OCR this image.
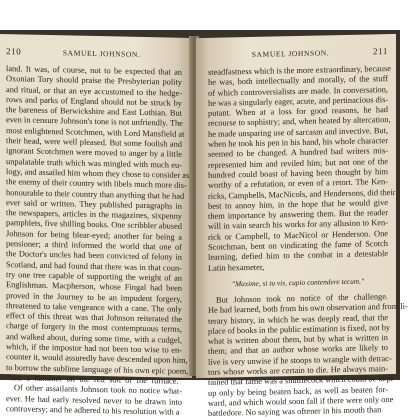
210	SAMUEL JOHNSON.
land. It was, of course, not to be expected that an
Oxonian Tory should praise the Presbyterian polity
and ritual, or that an eye accustomed to the hedge-
rows and parks of England should not be struck by
the bareness of Berwickshire and East Lothian. But
even in censure Johnson's tone is not unfriendly. The
most enlightened Scotchmen, with Lord Mansfield at
their head, were well pleased. But some foolish and
ignorant Scotchmen were moved to anger by a little
unpalatable truth which was mingled with much eu-
logy, and assailed him whom they chose to consider as
the enemy of their country with libels much more dis-
honourable to their country than anything that he had
ever said or written. They published paragraphs in
the newspapers, articles in the magazines, sixpenny
pamphlets, five shilling books. One scribbler abused
Johnson for being blear-eyed; another for being a
pensioner; a third informed the world that one of
the Doctor's uncles had been convicted of felony in
Scotland, and had found that there was in that coun-
try one tree capable of supporting the weight of an
Englishman. Macpherson, whose Fingal had been
proved in the Journey to be an impudent forgery,
threatened to take vengeance with a cane. The only
effect of this threat was that Johnson reiterated the
charge of forgery in the most contemptuous terms,
and walked about, during some time, with a cudgel,
which, if the impostor had not been too wise to en-
counter it, would assuredly have descended upon him,
to borrow the sublime language of his own epic poem,
"like a hammer on the red son of the furnace."
Of other assailants Johnson took no notice what-
ever. He had early resolved never to be drawn into
controversy; and he adhered to his resolution with a
SAMUEL JOHNSON.	211
steadfastness which is the more extraordinary, because
he was, both intellectually and morally, of the stuff
of which controversialists are made. In conversation,
he was a singularly eager, acute, and pertinacious dis-
putant. When at a loss for good reasons, he had
recourse to sophistry; and, when heated by altercation,
he made unsparing use of sarcasm and invective. But,
when he took his pen in his hand, his whole character
seemed to be changed. A hundred bad writers mis-
represented him and reviled him; but not one of the
hundred could boast of having been thought by him
worthy of a refutation, or even of a retort. The Ken-
ricks, Campbells, MacNicols, and Hendersons, did their
best to annoy him, in the hope that he would give
them importance by answering them. But the reader
will in vain search his works for any allusion to Ken-
rick or Campbell, to MacNicol or Henderson. One
Scotchman, bent on vindicating the fame of Scotch
learning, defied him to the combat in a detestable
Latin hexameter,
"Maxime, si tu vis, cupio contendere tecum."
But Johnson took no notice of the challenge.
He had learned, both from his own observation and from li-
terary history, in which he was deeply read, that the
place of books in the public estimation is fixed, not by
what is written about them, but by what is written in
them; and that an author whose works are likely to
live is very unwise if he stoops to wrangle with detrac-
tors whose works are certain to die. He always main-
tained that fame was a shuttlecock which could be kept
up only by being beaten back, as well as beaten for-
ward, and which would soon fall if there were only one
battledore. No saying was oftener in his mouth than
